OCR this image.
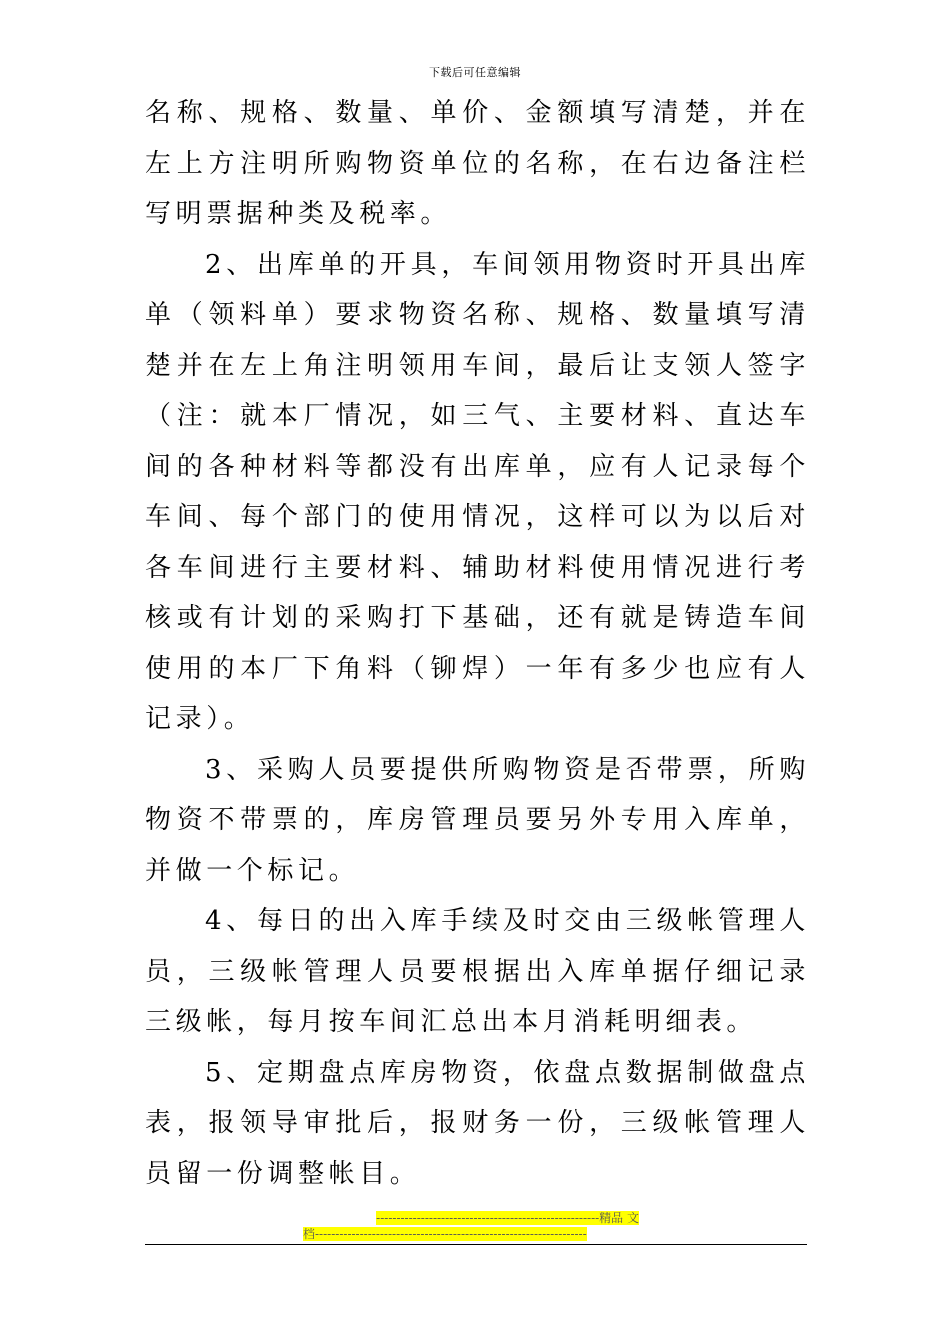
下载后可任意编辑

名称、规格、数量、单价、金额填写清楚，并在左上方注明所购物资单位的名称，在右边备注栏写明票据种类及税率。

2、出库单的开具，车间领用物资时开具出库单（领料单）要求物资名称、规格、数量填写清楚并在左上角注明领用车间，最后让支领人签字（注：就本厂情况，如三气、主要材料、直达车间的各种材料等都没有出库单，应有人记录每个车间、每个部门的使用情况，这样可以为以后对各车间进行主要材料、辅助材料使用情况进行考核或有计划的采购打下基础，还有就是铸造车间使用的本厂下角料（铆焊）一年有多少也应有人记录）。

3、采购人员要提供所购物资是否带票，所购物资不带票的，库房管理员要另外专用入库单，并做一个标记。

4、每日的出入库手续及时交由三级帐管理人员，三级帐管理人员要根据出入库单据仔细记录三级帐，每月按车间汇总出本月消耗明细表。

5、定期盘点库房物资，依盘点数据制做盘点表，报领导审批后，报财务一份，三级帐管理人员留一份调整帐目。

-------------------------------------------------------精品 文
档-------------------------------------------------------------------
